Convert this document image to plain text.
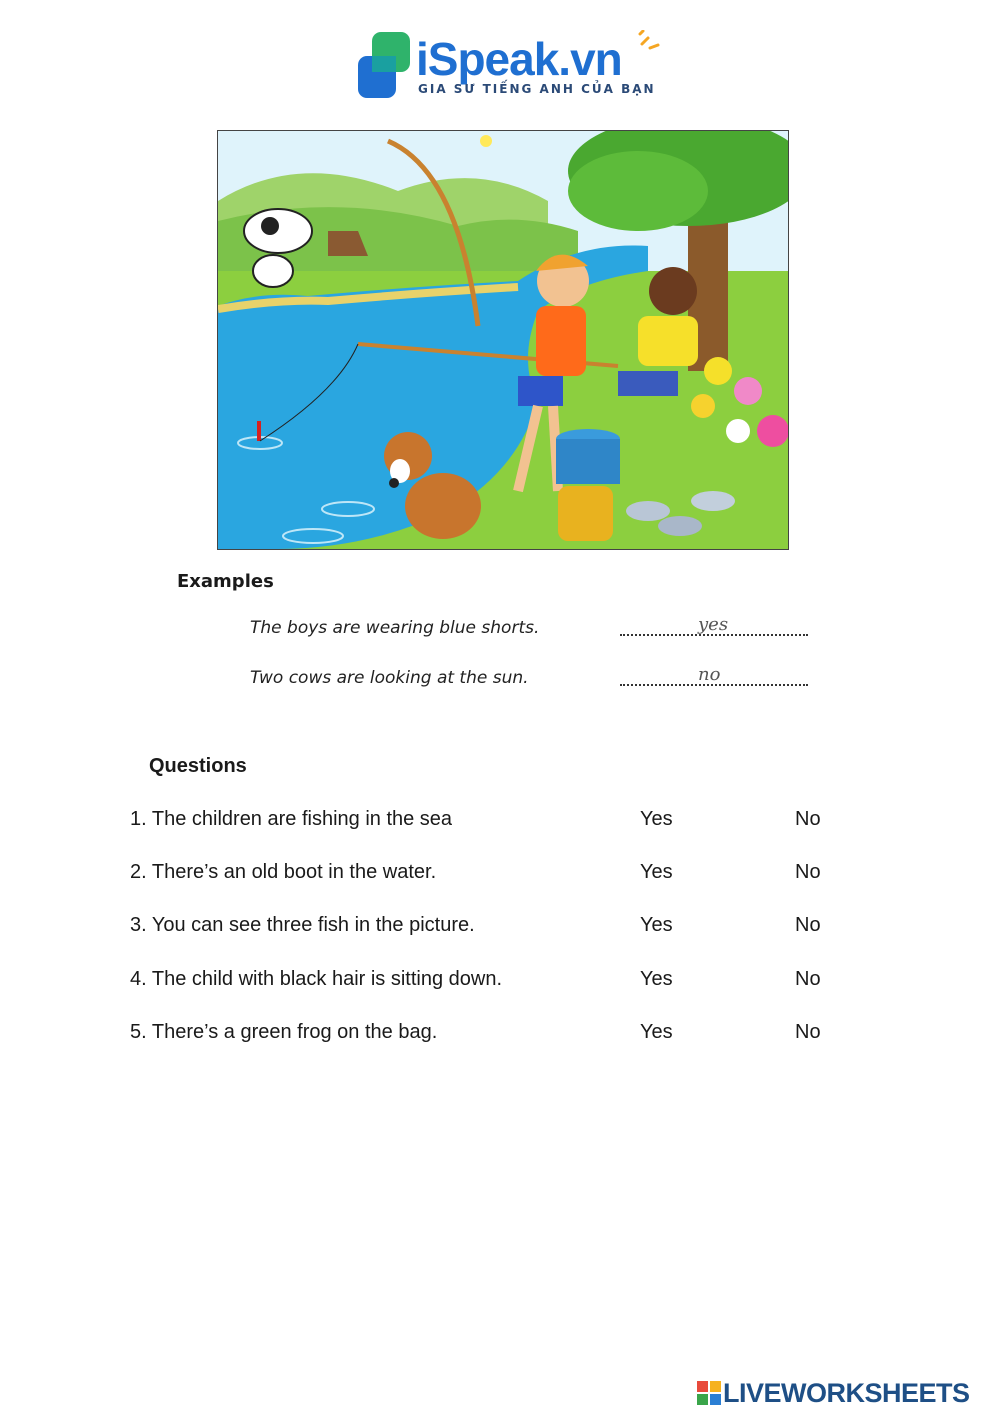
iSpeak.vn
GIA SƯ TIẾNG ANH CỦA BẠN
Examples
The boys are wearing blue shorts.	yes
Two cows are looking at the sun.	no
Questions
1. The children are fishing in the sea	Yes	No
2. There’s an old boot in the water.	Yes	No
3. You can see three fish in the picture.	Yes	No
4. The child with black hair is sitting down.	Yes	No
5. There’s a green frog on the bag.	Yes	No
LIVEWORKSHEETS
